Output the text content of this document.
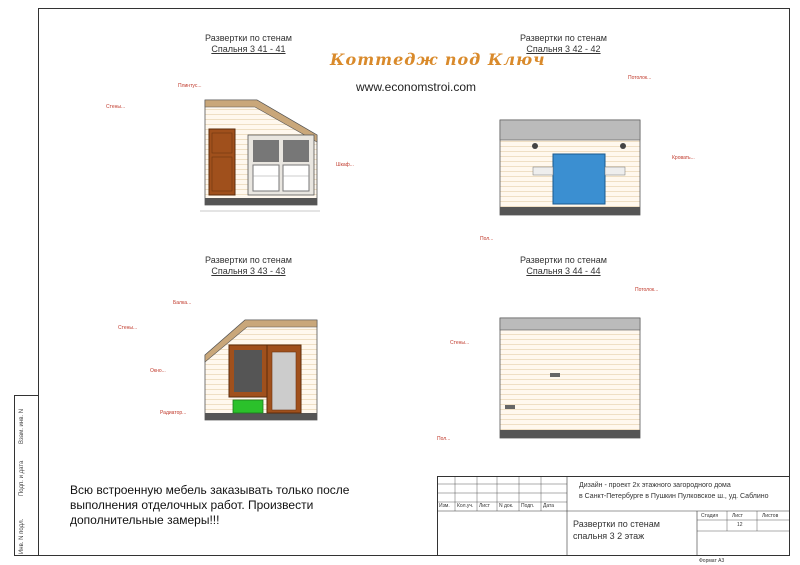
Инв. N подл.
Подп. и дата
Взам. инв. N
Развертки по стенам
Спальня 3 41 - 41
Развертки по стенам
Спальня 3 42 - 42
Развертки по стенам
Спальня 3 43 - 43
Развертки по стенам
Спальня 3 44 - 44
Коттедж под Ключ
www.economstroi.com
Плинтус...
Стены...
Шкаф...
Потолок...
Кровать...
Пол...
Балка...
Стены...
Окно...
Радиатор...
Потолок...
Стены...
Пол...
Всю встроенную мебель заказывать только после выполнения отделочных работ. Произвести дополнительные замеры!!!
Дизайн - проект 2х этажного загородного дома
в Санкт-Петербурге в Пушкин Пулковское ш., уд. Саблино
Изм. Кол.уч. Лист N док. Подп. Дата
Развертки по стенам спальня 3 2 этаж
Стадия	Лист	Листов
12
Формат А3
